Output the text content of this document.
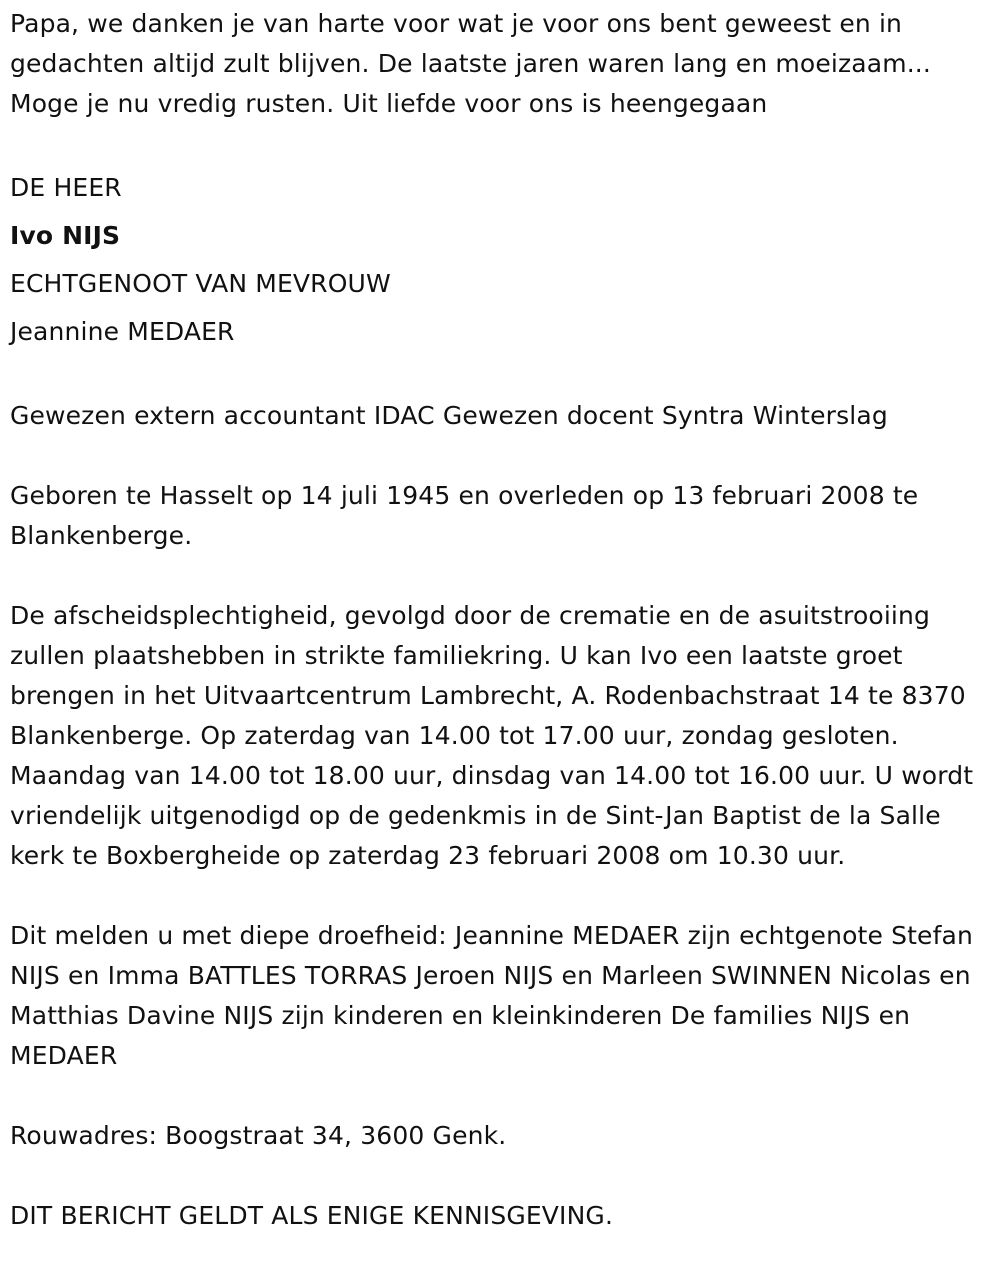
Papa, we danken je van harte voor wat je voor ons bent geweest en in gedachten altijd zult blijven. De laatste jaren waren lang en moeizaam... Moge je nu vredig rusten. Uit liefde voor ons is heengegaan

DE HEER

Ivo NIJS

ECHTGENOOT VAN MEVROUW

Jeannine MEDAER

Gewezen extern accountant IDAC Gewezen docent Syntra Winterslag

Geboren te Hasselt op 14 juli 1945 en overleden op 13 februari 2008 te Blankenberge.

De afscheidsplechtigheid, gevolgd door de crematie en de asuitstrooiing zullen plaatshebben in strikte familiekring. U kan Ivo een laatste groet brengen in het Uitvaartcentrum Lambrecht, A. Rodenbachstraat 14 te 8370 Blankenberge. Op zaterdag van 14.00 tot 17.00 uur, zondag gesloten. Maandag van 14.00 tot 18.00 uur, dinsdag van 14.00 tot 16.00 uur. U wordt vriendelijk uitgenodigd op de gedenkmis in de Sint-Jan Baptist de la Salle kerk te Boxbergheide op zaterdag 23 februari 2008 om 10.30 uur.

Dit melden u met diepe droefheid: Jeannine MEDAER zijn echtgenote Stefan NIJS en Imma BATTLES TORRAS Jeroen NIJS en Marleen SWINNEN Nicolas en Matthias Davine NIJS zijn kinderen en kleinkinderen De families NIJS en MEDAER

Rouwadres: Boogstraat 34, 3600 Genk.

DIT BERICHT GELDT ALS ENIGE KENNISGEVING.
